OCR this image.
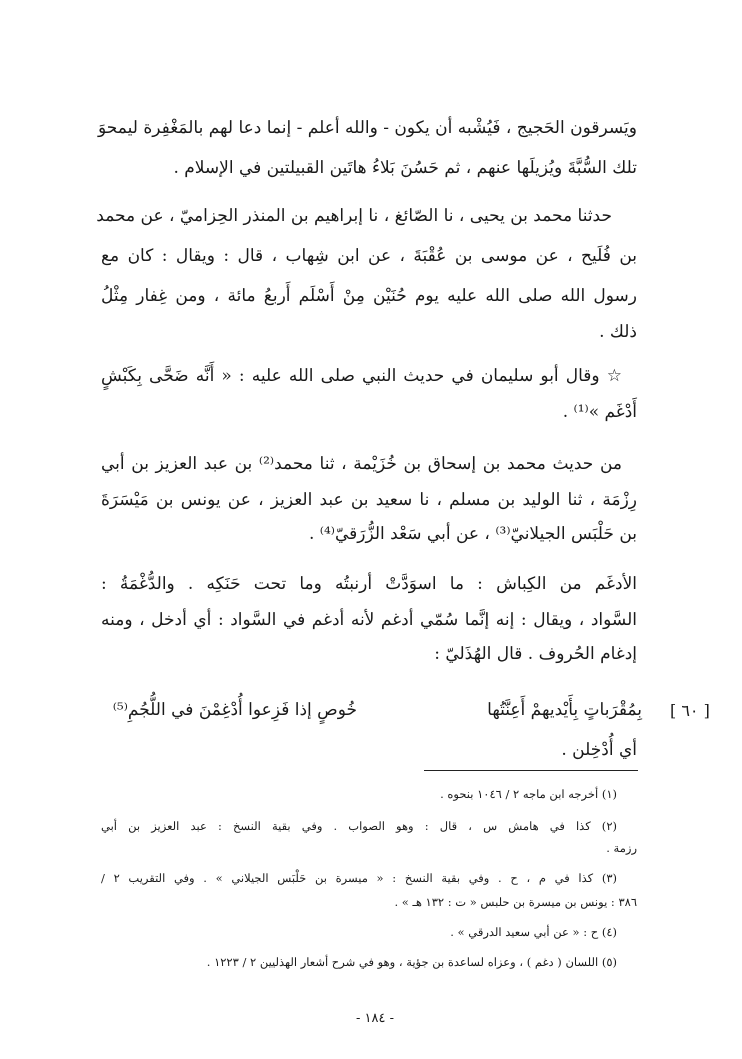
ويَسرقون الحَجيج ، فَيُشْبه أن يكون - والله أعلم - إنما دعا لهم بالمَغْفِرة ليمحوَ
تلك السُّبَّةَ ويُزيلَها عنهم ، ثم حَسُنَ بَلاءُ هاتَين القبيلتين في الإسلام .
حدثنا محمد بن يحيى ، نا الصّائغ ، نا إبراهيم بن المنذر الحِزاميّ ، عن محمد
بن فُلَيح ، عن موسى بن عُقْبَةَ ، عن ابن شِهاب ، قال : ويقال : كان مع
رسول الله صلى الله عليه يوم حُنَيْن مِنْ أَسْلَم أَربعُ مائة ، ومن غِفار مِثْلُ
ذلك .
☆ وقال أبو سليمان في حديث النبي صلى الله عليه : « أَنَّه ضَحَّى بِكَبْشٍ
أَدْغَم »⁽¹⁾ .
من حديث محمد بن إسحاق بن خُزَيْمة ، ثنا محمد⁽²⁾ بن عبد العزيز بن أبي
رِزْمَة ، ثنا الوليد بن مسلم ، نا سعيد بن عبد العزيز ، عن يونس بن مَيْسَرَةَ
بن حَلْبَس الجيلانيّ⁽³⁾ ، عن أبي سَعْد الزُّرَقيّ⁽⁴⁾ .
الأدغَم من الكِباش : ما اسوَدَّتْ أرنبتُه وما تحت حَنَكِه . والدُّغْمَةُ :
السَّواد ، ويقال : إنه إنَّما سُمّي أدغم لأنه أدغم في السَّواد : أي أدخل ، ومنه
إدغام الحُروف . قال الهُذَليّ :
[ ٦٠ ]
بِمُقْرَباتٍ بِأَيْديهمْ أَعِنَّتُها
خُوصٍ إذا فَزِعوا أُدْغِمْنَ في اللُّجُمِ⁽⁵⁾
أي أُدْخِلن .
(١) أخرجه ابن ماجه ٢ / ١٠٤٦ بنحوه .
(٢) كذا في هامش س ، قال : وهو الصواب . وفي بقية النسخ : عبد العزيز بن أبي
رزمة .
(٣) كذا في م ، ح . وفي بقية النسخ : « ميسرة بن حَلْبَس الجيلاني » . وفي التقريب ٢ /
٣٨٦ : يونس بن ميسرة بن حلبس « ت : ١٣٢ هـ » .
(٤) ح : « عن أبي سعيد الدرقي » .
(٥) اللسان ( دغم ) ، وعزاه لساعدة بن جؤية ، وهو في شرح أشعار الهذليين ٢ / ١٢٢٣ .
- ١٨٤ -
